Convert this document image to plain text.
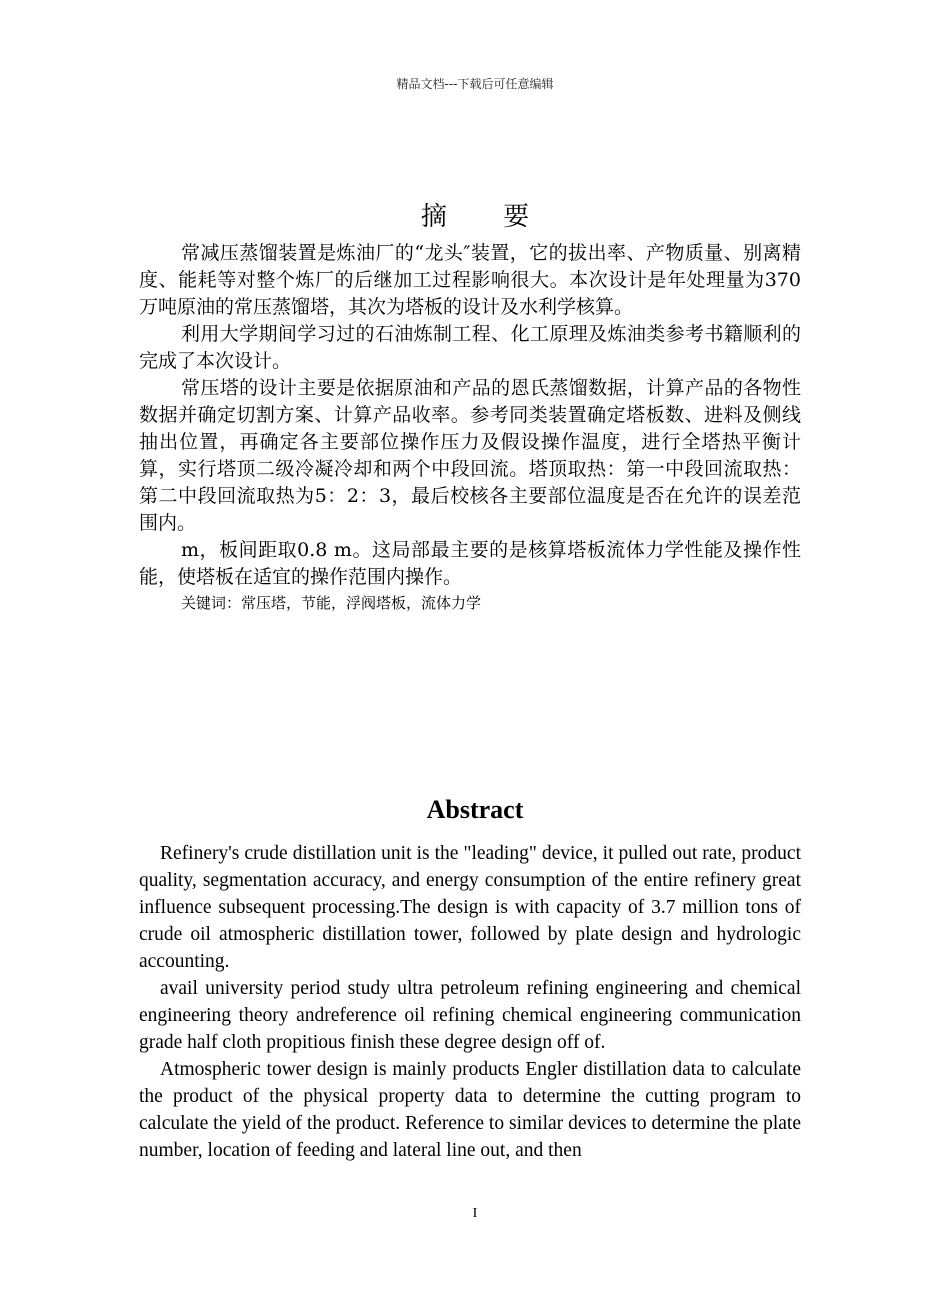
精品文档---下载后可任意编辑
摘 要

常减压蒸馏装置是炼油厂的“龙头″装置，它的拔出率、产物质量、别离精度、能耗等对整个炼厂的后继加工过程影响很大。本次设计是年处理量为370万吨原油的常压蒸馏塔，其次为塔板的设计及水利学核算。

利用大学期间学习过的石油炼制工程、化工原理及炼油类参考书籍顺利的完成了本次设计。

常压塔的设计主要是依据原油和产品的恩氏蒸馏数据，计算产品的各物性数据并确定切割方案、计算产品收率。参考同类装置确定塔板数、进料及侧线抽出位置，再确定各主要部位操作压力及假设操作温度，进行全塔热平衡计算，实行塔顶二级冷凝冷却和两个中段回流。塔顶取热：第一中段回流取热：第二中段回流取热为5：2：3，最后校核各主要部位温度是否在允许的误差范围内。

m，板间距取0.8 m。这局部最主要的是核算塔板流体力学性能及操作性能，使塔板在适宜的操作范围内操作。

关键词：常压塔，节能，浮阀塔板，流体力学

Abstract

Refinery's crude distillation unit is the "leading" device, it pulled out rate, product quality, segmentation accuracy, and energy consumption of the entire refinery great influence subsequent processing.The design is with capacity of 3.7 million tons of crude oil atmospheric distillation tower, followed by plate design and hydrologic accounting.

avail university period study ultra petroleum refining engineering and chemical engineering theory andreference oil refining chemical engineering communication grade half cloth propitious finish these degree design off of.

Atmospheric tower design is mainly products Engler distillation data to calculate the product of the physical property data to determine the cutting program to calculate the yield of the product. Reference to similar devices to determine the plate number, location of feeding and lateral line out, and then

I
